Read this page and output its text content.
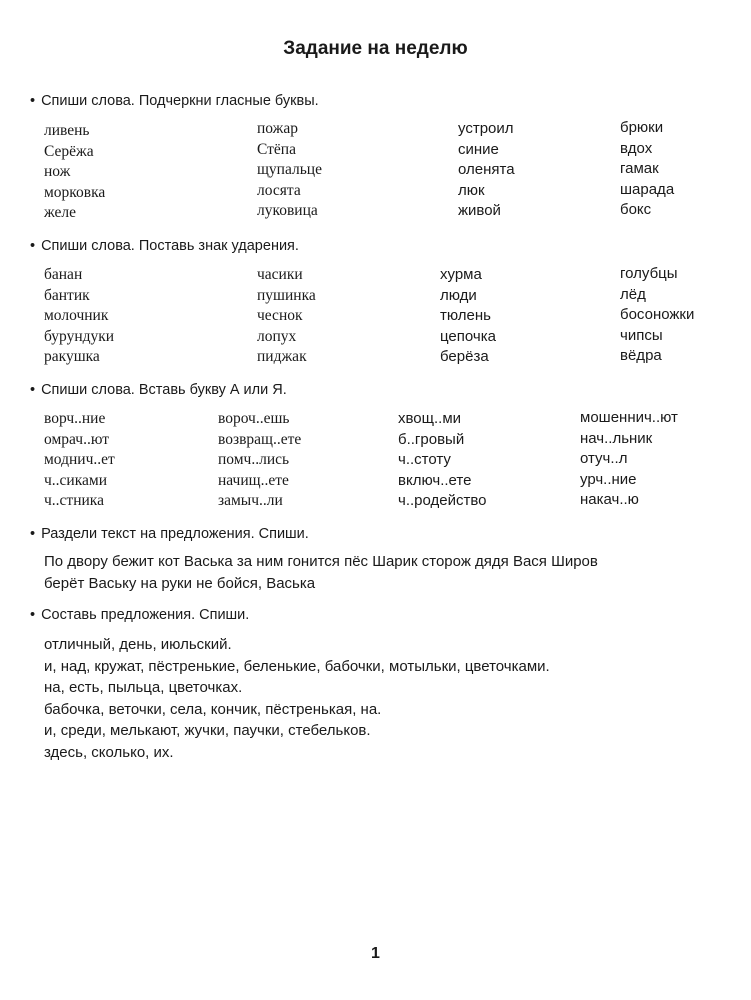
Задание на неделю
• Спиши слова. Подчеркни гласные буквы.
ливень
Серёжа
нож
морковка
желе
пожар
Стёпа
щупальце
лосята
луковица
устроил
синие
оленята
люк
живой
брюки
вдох
гамак
шарада
бокс
• Спиши слова. Поставь знак ударения.
банан
бантик
молочник
бурундуки
ракушка
часики
пушинка
чеснок
лопух
пиджак
хурма
люди
тюлень
цепочка
берёза
голубцы
лёд
босоножки
чипсы
вёдра
• Спиши слова. Вставь букву А или Я.
ворч..ние
омрач..ют
моднич..ет
ч..сиками
ч..стника
вороч..ешь
возвращ..ете
помч..лись
начищ..ете
замыч..ли
хвощ..ми
б..гровый
ч..стоту
включ..ете
ч..родейство
мошеннич..ют
нач..льник
отуч..л
урч..ние
накач..ю
• Раздели текст на предложения. Спиши.

По двору бежит кот Васька за ним гонится пёс Шарик сторож дядя Вася Широв
берёт Ваську на руки не бойся, Васька

• Составь предложения. Спиши.

отличный, день, июльский.
и, над, кружат, пёстренькие, беленькие, бабочки, мотыльки, цветочками.
на, есть, пыльца, цветочках.
бабочка, веточки, села, кончик, пёстренькая, на.
и, среди, мелькают, жучки, паучки, стебельков.
здесь, сколько, их.

1
